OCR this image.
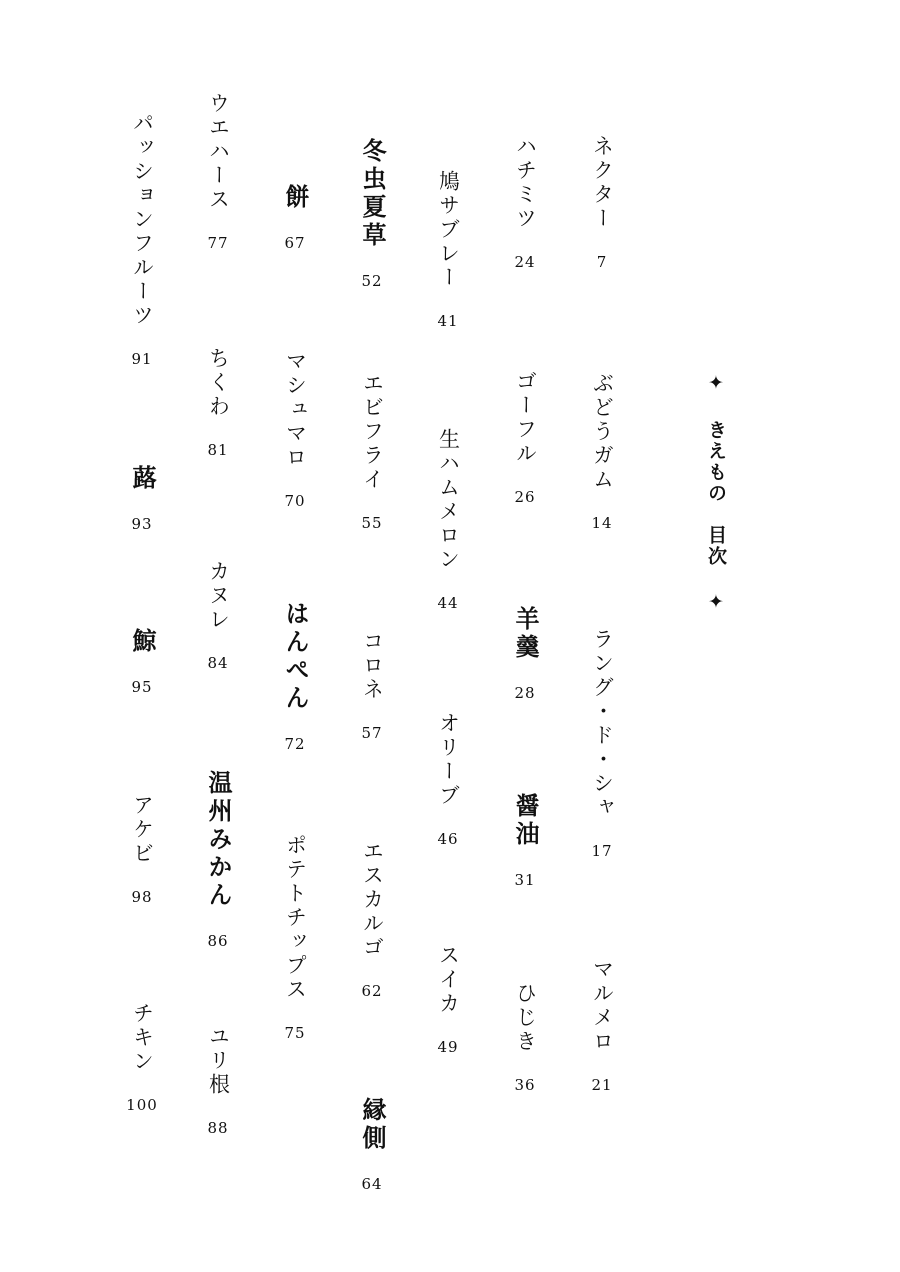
✦ きえもの　目次 ✦
ネクター
7
ぶどうガム
14
ラング・ド・シャ
17
マルメロ
21
ハチミツ
24
ゴーフル
26
羊羹
28
醤油
31
ひじき
36
鳩サブレー
41
生ハムメロン
44
オリーブ
46
スイカ
49
冬虫夏草
52
エビフライ
55
コロネ
57
エスカルゴ
62
縁側
64
餅
67
マシュマロ
70
はんぺん
72
ポテトチップス
75
ウエハース
77
ちくわ
81
カヌレ
84
温州みかん
86
ユリ根
88
パッションフルーツ
91
蕗
93
鯨
95
アケビ
98
チキン
100
